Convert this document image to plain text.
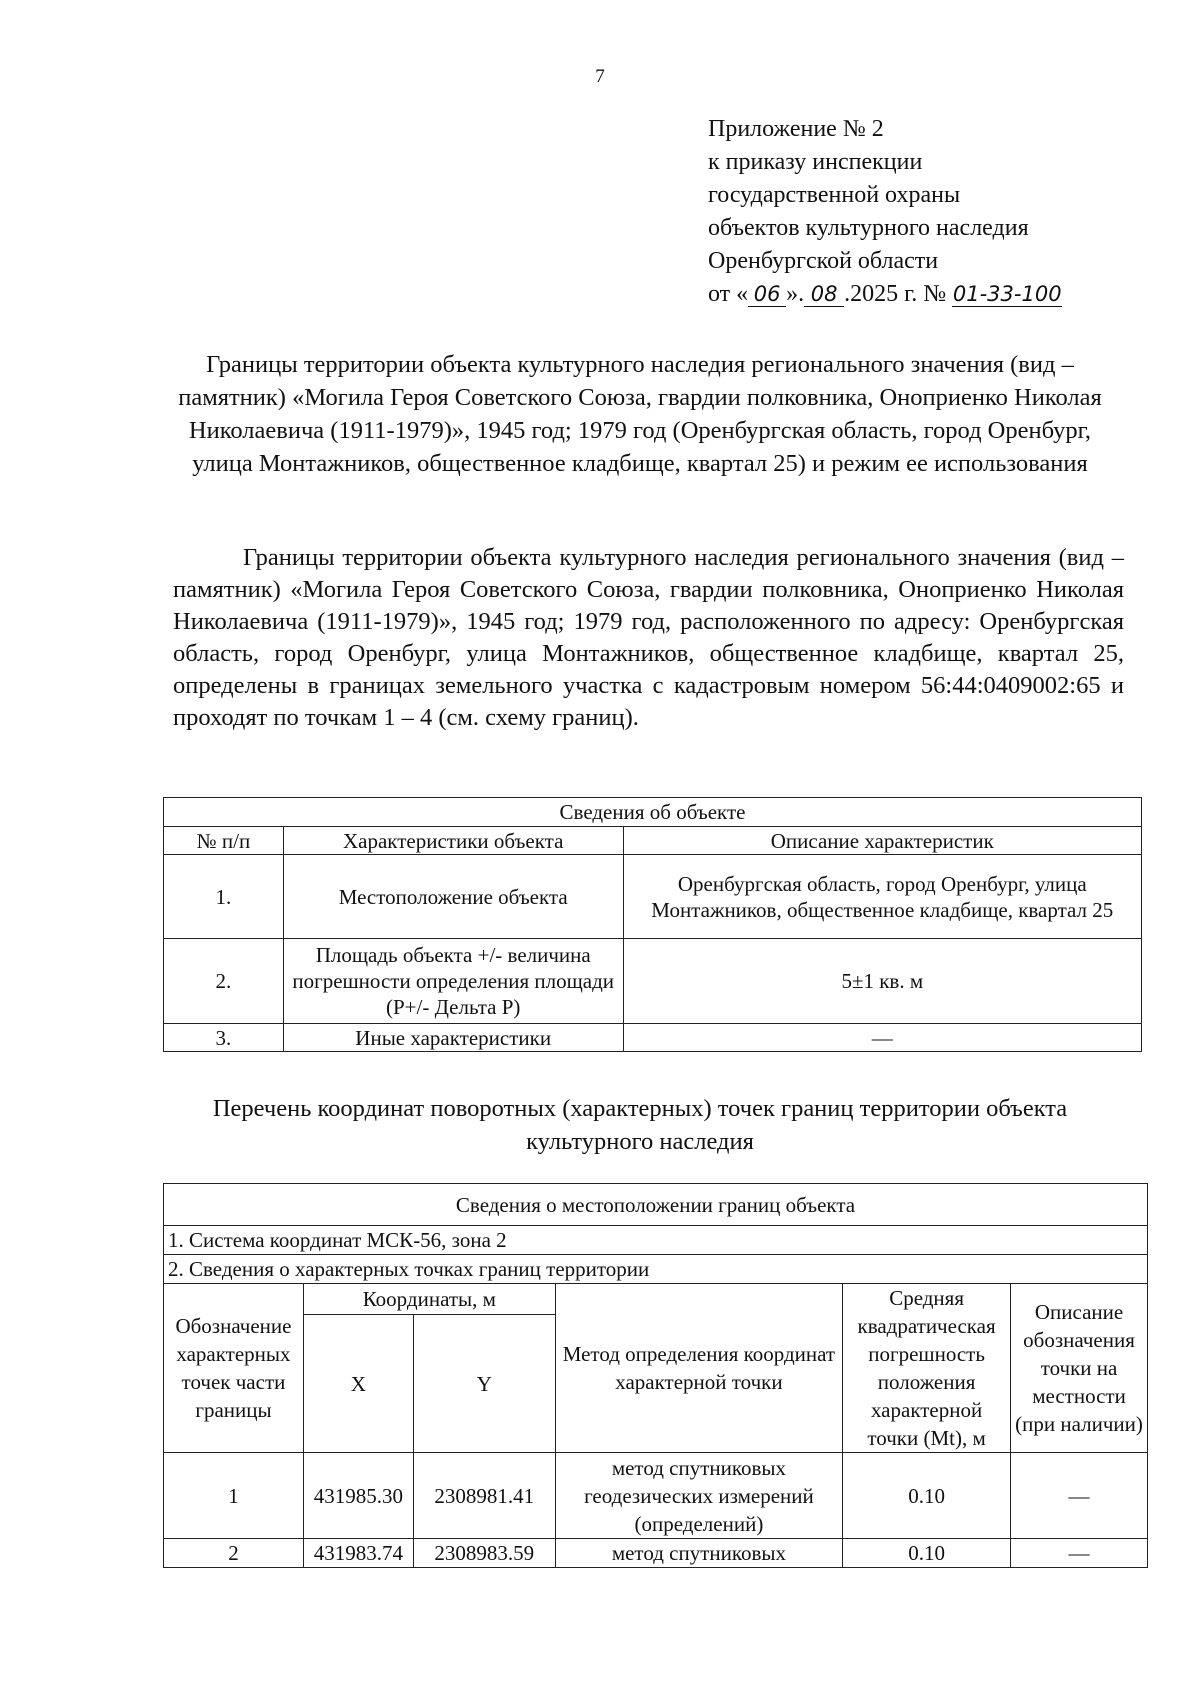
7
Приложение № 2
к приказу инспекции
государственной охраны
объектов культурного наследия
Оренбургской области
от « 06 ». 08 .2025 г. № 01-33-100
Границы территории объекта культурного наследия регионального значения (вид – памятник) «Могила Героя Советского Союза, гвардии полковника, Оноприенко Николая Николаевича (1911-1979)», 1945 год; 1979 год (Оренбургская область, город Оренбург, улица Монтажников, общественное кладбище, квартал 25) и режим ее использования
Границы территории объекта культурного наследия регионального значения (вид – памятник) «Могила Героя Советского Союза, гвардии полковника, Оноприенко Николая Николаевича (1911-1979)», 1945 год; 1979 год, расположенного по адресу: Оренбургская область, город Оренбург, улица Монтажников, общественное кладбище, квартал 25, определены в границах земельного участка с кадастровым номером 56:44:0409002:65 и проходят по точкам 1 – 4 (см. схему границ).
Сведения об объекте		
№ п/п	Характеристики объекта	Описание характеристик
1.	Местоположение объекта	Оренбургская область, город Оренбург, улица Монтажников, общественное кладбище, квартал 25
2.	Площадь объекта +/- величина погрешности определения площади (Р+/- Дельта Р)	5±1 кв. м
3.	Иные характеристики	—
Перечень координат поворотных (характерных) точек границ территории объекта культурного наследия
Сведения о местоположении границ объекта					
1. Система координат МСК-56, зона 2					
2. Сведения о характерных точках границ территории					
Обозначение характерных точек части границы	Координаты, м		Метод определения координат характерной точки	Средняя квадратическая погрешность положения характерной точки (Mt), м	Описание обозначения точки на местности (при наличии)
	X	Y			
1	431985.30	2308981.41	метод спутниковых геодезических измерений (определений)	0.10	—
2	431983.74	2308983.59	метод спутниковых	0.10	—
